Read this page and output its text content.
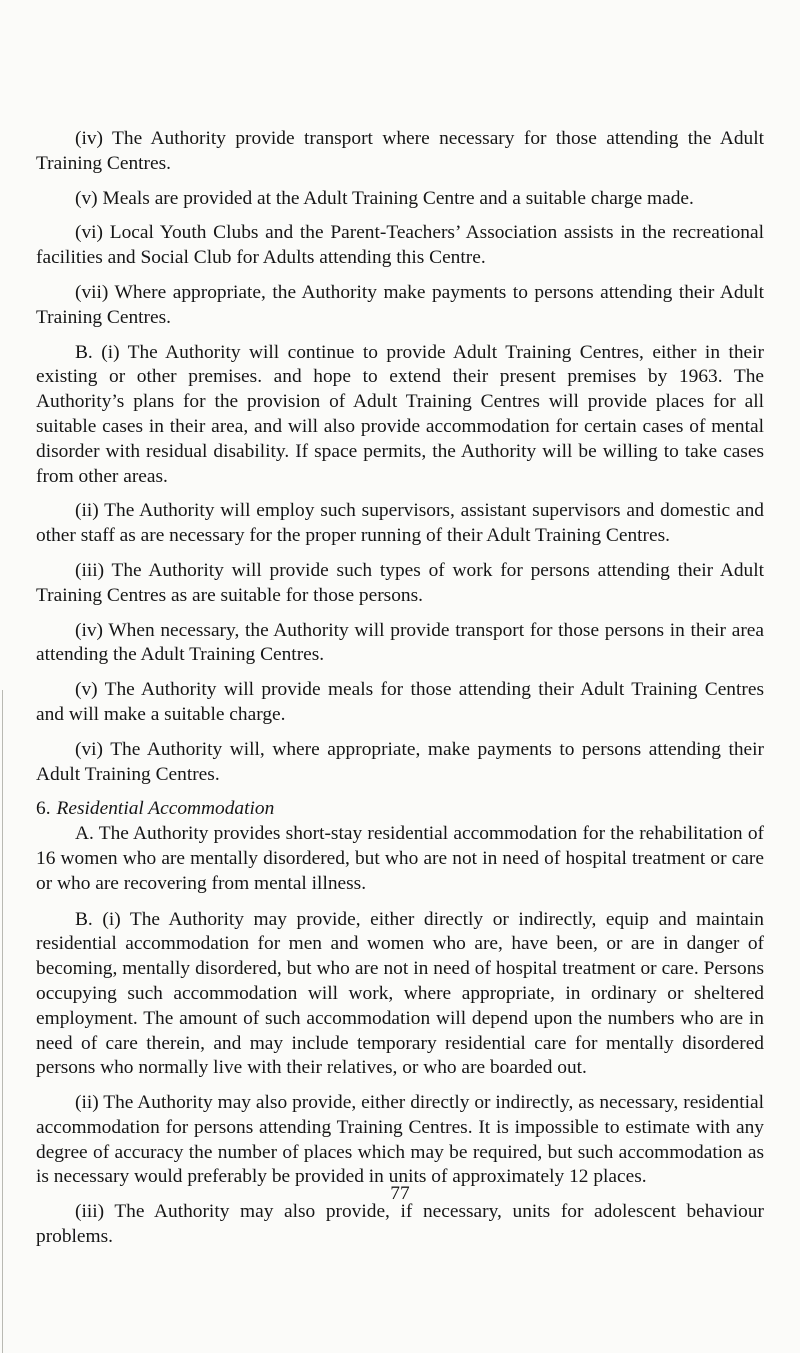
(iv) The Authority provide transport where necessary for those attending the Adult Training Centres.

(v) Meals are provided at the Adult Training Centre and a suitable charge made.

(vi) Local Youth Clubs and the Parent-Teachers’ Association assists in the recreational facilities and Social Club for Adults attending this Centre.

(vii) Where appropriate, the Authority make payments to persons attending their Adult Training Centres.

B. (i) The Authority will continue to provide Adult Training Centres, either in their existing or other premises. and hope to extend their present premises by 1963. The Authority’s plans for the provision of Adult Training Centres will provide places for all suitable cases in their area, and will also provide accommodation for certain cases of mental disorder with residual disability. If space permits, the Authority will be willing to take cases from other areas.

(ii) The Authority will employ such supervisors, assistant supervisors and domestic and other staff as are necessary for the proper running of their Adult Training Centres.

(iii) The Authority will provide such types of work for persons attending their Adult Training Centres as are suitable for those persons.

(iv) When necessary, the Authority will provide transport for those persons in their area attending the Adult Training Centres.

(v) The Authority will provide meals for those attending their Adult Training Centres and will make a suitable charge.

(vi) The Authority will, where appropriate, make payments to persons attending their Adult Training Centres.

6. Residential Accommodation

A. The Authority provides short-stay residential accommodation for the rehabilitation of 16 women who are mentally disordered, but who are not in need of hospital treatment or care or who are recovering from mental illness.

B. (i) The Authority may provide, either directly or indirectly, equip and maintain residential accommodation for men and women who are, have been, or are in danger of becoming, mentally disordered, but who are not in need of hospital treatment or care. Persons occupying such accommodation will work, where appropriate, in ordinary or sheltered employment. The amount of such accommodation will depend upon the numbers who are in need of care therein, and may include temporary residential care for mentally disordered persons who normally live with their relatives, or who are boarded out.

(ii) The Authority may also provide, either directly or indirectly, as necessary, residential accommodation for persons attending Training Centres. It is impossible to estimate with any degree of accuracy the number of places which may be required, but such accommodation as is necessary would preferably be provided in units of approximately 12 places.

(iii) The Authority may also provide, if necessary, units for adolescent behaviour problems.

77
